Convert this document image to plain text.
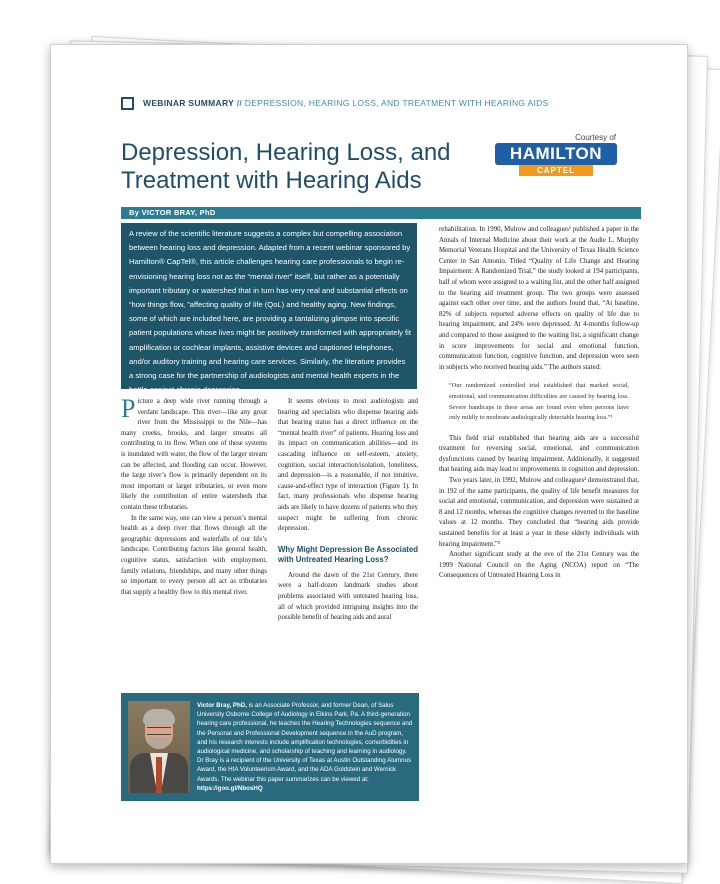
WEBINAR SUMMARY // DEPRESSION, HEARING LOSS, AND TREATMENT WITH HEARING AIDS
Courtesy of
HAMILTON
CAPTEL
Depression, Hearing Loss, and Treatment with Hearing Aids
By VICTOR BRAY, PhD

A review of the scientific literature suggests a complex but compelling association between hearing loss and depression. Adapted from a recent webinar sponsored by Hamilton® CapTel®, this article challenges hearing care professionals to begin re-envisioning hearing loss not as the “mental river” itself, but rather as a potentially important tributary or watershed that in turn has very real and substantial effects on “how things flow, ”affecting quality of life (QoL) and healthy aging. New findings, some of which are included here, are providing a tantalizing glimpse into specific patient populations whose lives might be positively transformed with appropriately fit amplification or cochlear implants, assistive devices and captioned telephones, and/or auditory training and hearing care services. Similarly, the literature provides a strong case for the partnership of audiologists and mental health experts in the battle against chronic depression.

Picture a deep wide river running through a verdant landscape. This river—like any great river from the Mississippi to the Nile—has many creeks, brooks, and larger streams all contributing to its flow. When one of these systems is inundated with water, the flow of the larger stream can be affected, and flooding can occur. However, the large river’s flow is primarily dependent on its most important or larger tributaries, or even more likely the contribution of entire watersheds that contain these tributaries.

In the same way, one can view a person’s mental health as a deep river that flows through all the geographic depressions and waterfalls of our life’s landscape. Contributing factors like general health, cognitive status, satisfaction with employment, family relations, friendships, and many other things so important to every person all act as tributaries that supply a healthy flow to this mental river.

It seems obvious to most audiologists and hearing aid specialists who dispense hearing aids that hearing status has a direct influence on the “mental health river” of patients. Hearing loss and its impact on communication abilities—and its cascading influence on self-esteem, anxiety, cognition, social interaction/isolation, loneliness, and depression—is a reasonable, if not intuitive, cause-and-effect type of interaction (Figure 1). In fact, many professionals who dispense hearing aids are likely to have dozens of patients who they suspect might be suffering from chronic depression.

Why Might Depression Be Associated with Untreated Hearing Loss?

Around the dawn of the 21st Century, there were a half-dozen landmark studies about problems associated with untreated hearing loss, all of which provided intriguing insights into the possible benefit of hearing aids and aural

rehabilitation. In 1990, Mulrow and colleagues¹ published a paper in the Annals of Internal Medicine about their work at the Audie L. Murphy Memorial Veterans Hospital and the University of Texas Health Science Center in San Antonio. Titled “Quality of Life Change and Hearing Impairment: A Randomized Trial,” the study looked at 194 participants, half of whom were assigned to a waiting list, and the other half assigned to the hearing aid treatment group. The two groups were assessed against each other over time, and the authors found that, “At baseline, 82% of subjects reported adverse effects on quality of life due to hearing impairment, and 24% were depressed. At 4-months follow-up and compared to those assigned to the waiting list, a significant change in score improvements for social and emotional function, communication function, cognitive function, and depression were seen in subjects who received hearing aids.” The authors stated:

“Our randomized controlled trial established that marked social, emotional, and communication difficulties are caused by hearing loss. Severe handicaps in these areas are found even when persons have only mildly to moderate audiologically detectable hearing loss.”¹

This field trial established that hearing aids are a successful treatment for reversing social, emotional, and communication dysfunctions caused by hearing impairment. Additionally, it suggested that hearing aids may lead to improvements in cognition and depression.

Two years later, in 1992, Mulrow and colleagues² demonstrated that, in 192 of the same participants, the quality of life benefit measures for social and emotional, communication, and depression were sustained at 8 and 12 months, whereas the cognitive changes reverted to the baseline values at 12 months. They concluded that “hearing aids provide sustained benefits for at least a year in these elderly individuals with hearing impairment.”²

Another significant study at the eve of the 21st Century was the 1999 National Council on the Aging (NCOA) report on “The Consequences of Untreated Hearing Loss in

Victor Bray, PhD, is an Associate Professor, and former Dean, of Salus University Osborne College of Audiology in Elkins Park, Pa. A third-generation hearing care professional, he teaches the Hearing Technologies sequence and the Personal and Professional Development sequence in the AuD program, and his research interests include amplification technologies, comorbidities in audiological medicine, and scholarship of teaching and learning in audiology. Dr Bray is a recipient of the University of Texas at Austin Outstanding Alumnus Award, the HIA Volunteerism Award, and the ADA Goldstein and Wernick Awards. The webinar this paper summarizes can be viewed at: https://goo.gl/NbosHQ
